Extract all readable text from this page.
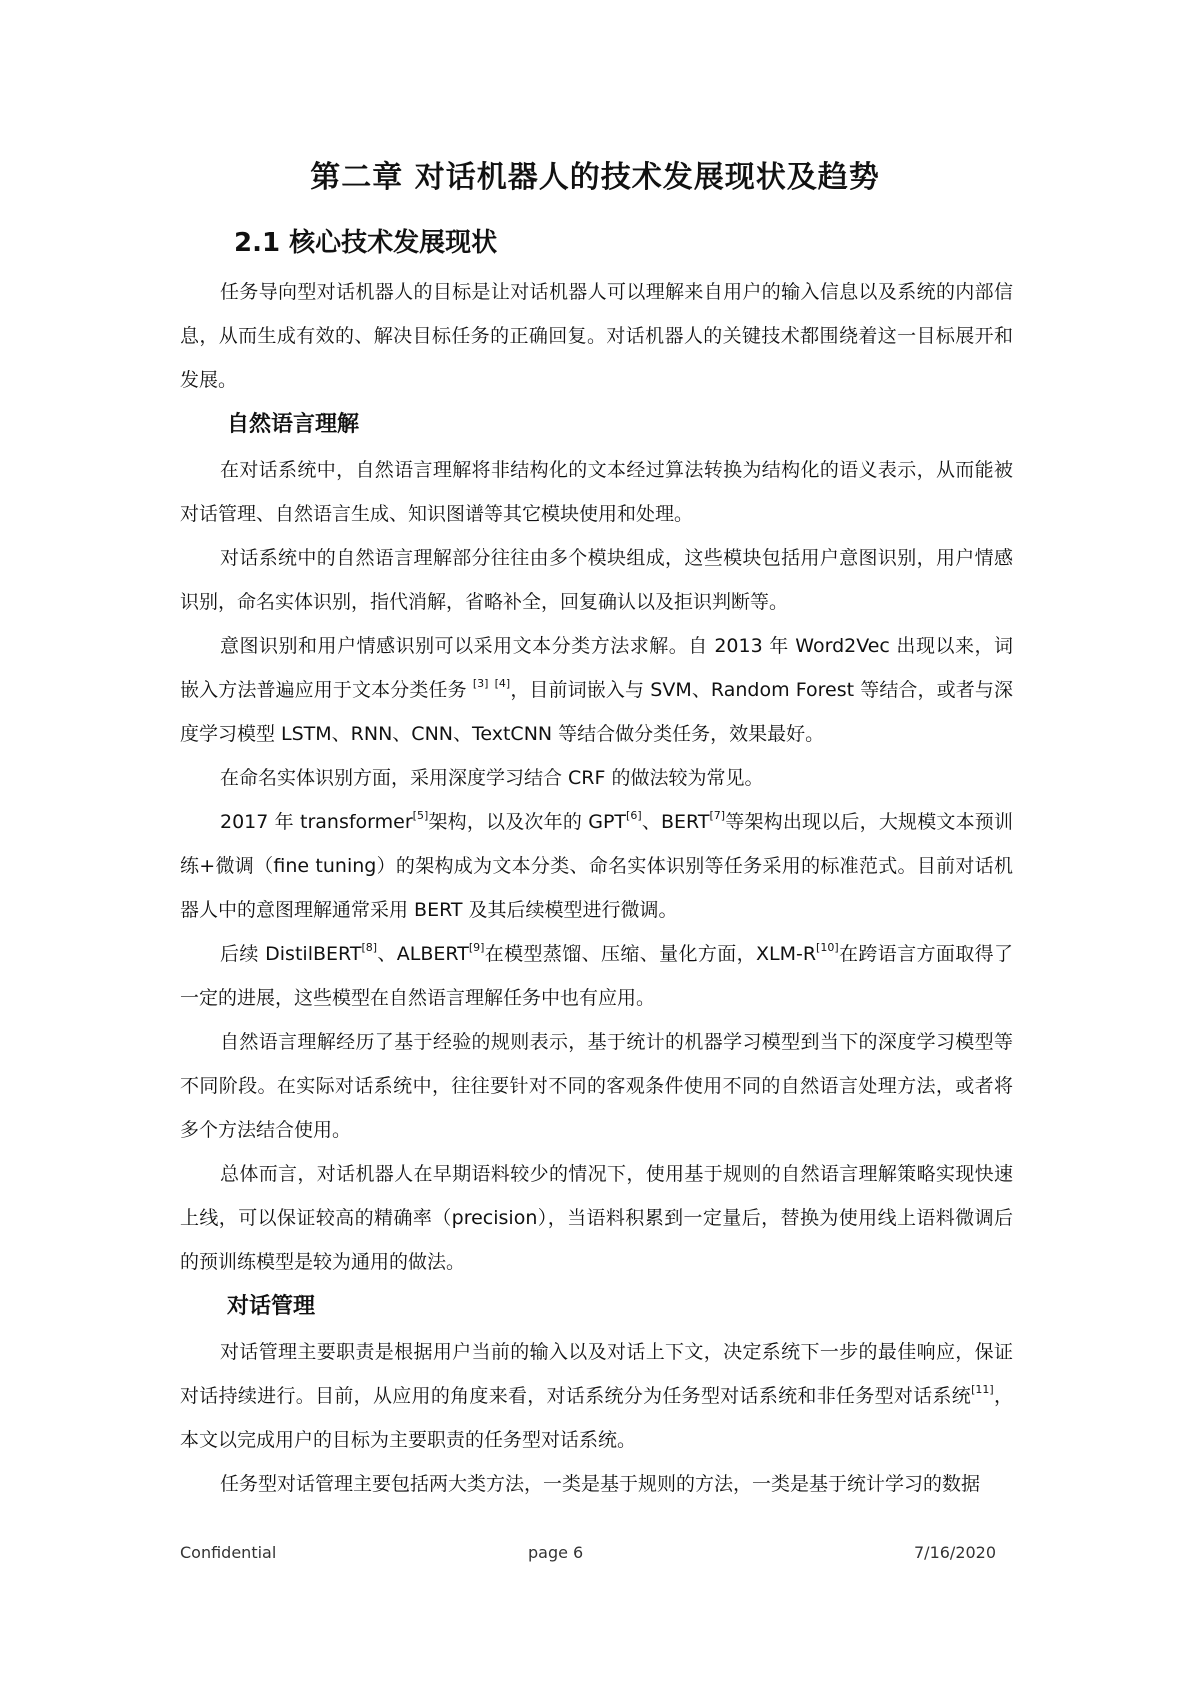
第二章 对话机器人的技术发展现状及趋势
2.1 核心技术发展现状

任务导向型对话机器人的目标是让对话机器人可以理解来自用户的输入信息以及系统的内部信息，从而生成有效的、解决目标任务的正确回复。对话机器人的关键技术都围绕着这一目标展开和发展。

自然语言理解

在对话系统中，自然语言理解将非结构化的文本经过算法转换为结构化的语义表示，从而能被对话管理、自然语言生成、知识图谱等其它模块使用和处理。

对话系统中的自然语言理解部分往往由多个模块组成，这些模块包括用户意图识别，用户情感识别，命名实体识别，指代消解，省略补全，回复确认以及拒识判断等。

意图识别和用户情感识别可以采用文本分类方法求解。自 2013 年 Word2Vec 出现以来，词嵌入方法普遍应用于文本分类任务 [3] [4]，目前词嵌入与 SVM、Random Forest 等结合，或者与深度学习模型 LSTM、RNN、CNN、TextCNN 等结合做分类任务，效果最好。

在命名实体识别方面，采用深度学习结合 CRF 的做法较为常见。

2017 年 transformer[5]架构，以及次年的 GPT[6]、BERT[7]等架构出现以后，大规模文本预训练+微调（fine tuning）的架构成为文本分类、命名实体识别等任务采用的标准范式。目前对话机器人中的意图理解通常采用 BERT 及其后续模型进行微调。

后续 DistilBERT[8]、ALBERT[9]在模型蒸馏、压缩、量化方面，XLM-R[10]在跨语言方面取得了一定的进展，这些模型在自然语言理解任务中也有应用。

自然语言理解经历了基于经验的规则表示，基于统计的机器学习模型到当下的深度学习模型等不同阶段。在实际对话系统中，往往要针对不同的客观条件使用不同的自然语言处理方法，或者将多个方法结合使用。

总体而言，对话机器人在早期语料较少的情况下，使用基于规则的自然语言理解策略实现快速上线，可以保证较高的精确率（precision），当语料积累到一定量后，替换为使用线上语料微调后的预训练模型是较为通用的做法。

对话管理

对话管理主要职责是根据用户当前的输入以及对话上下文，决定系统下一步的最佳响应，保证对话持续进行。目前，从应用的角度来看，对话系统分为任务型对话系统和非任务型对话系统[11]，本文以完成用户的目标为主要职责的任务型对话系统。

任务型对话管理主要包括两大类方法，一类是基于规则的方法，一类是基于统计学习的数据

Confidential	page 6	7/16/2020
